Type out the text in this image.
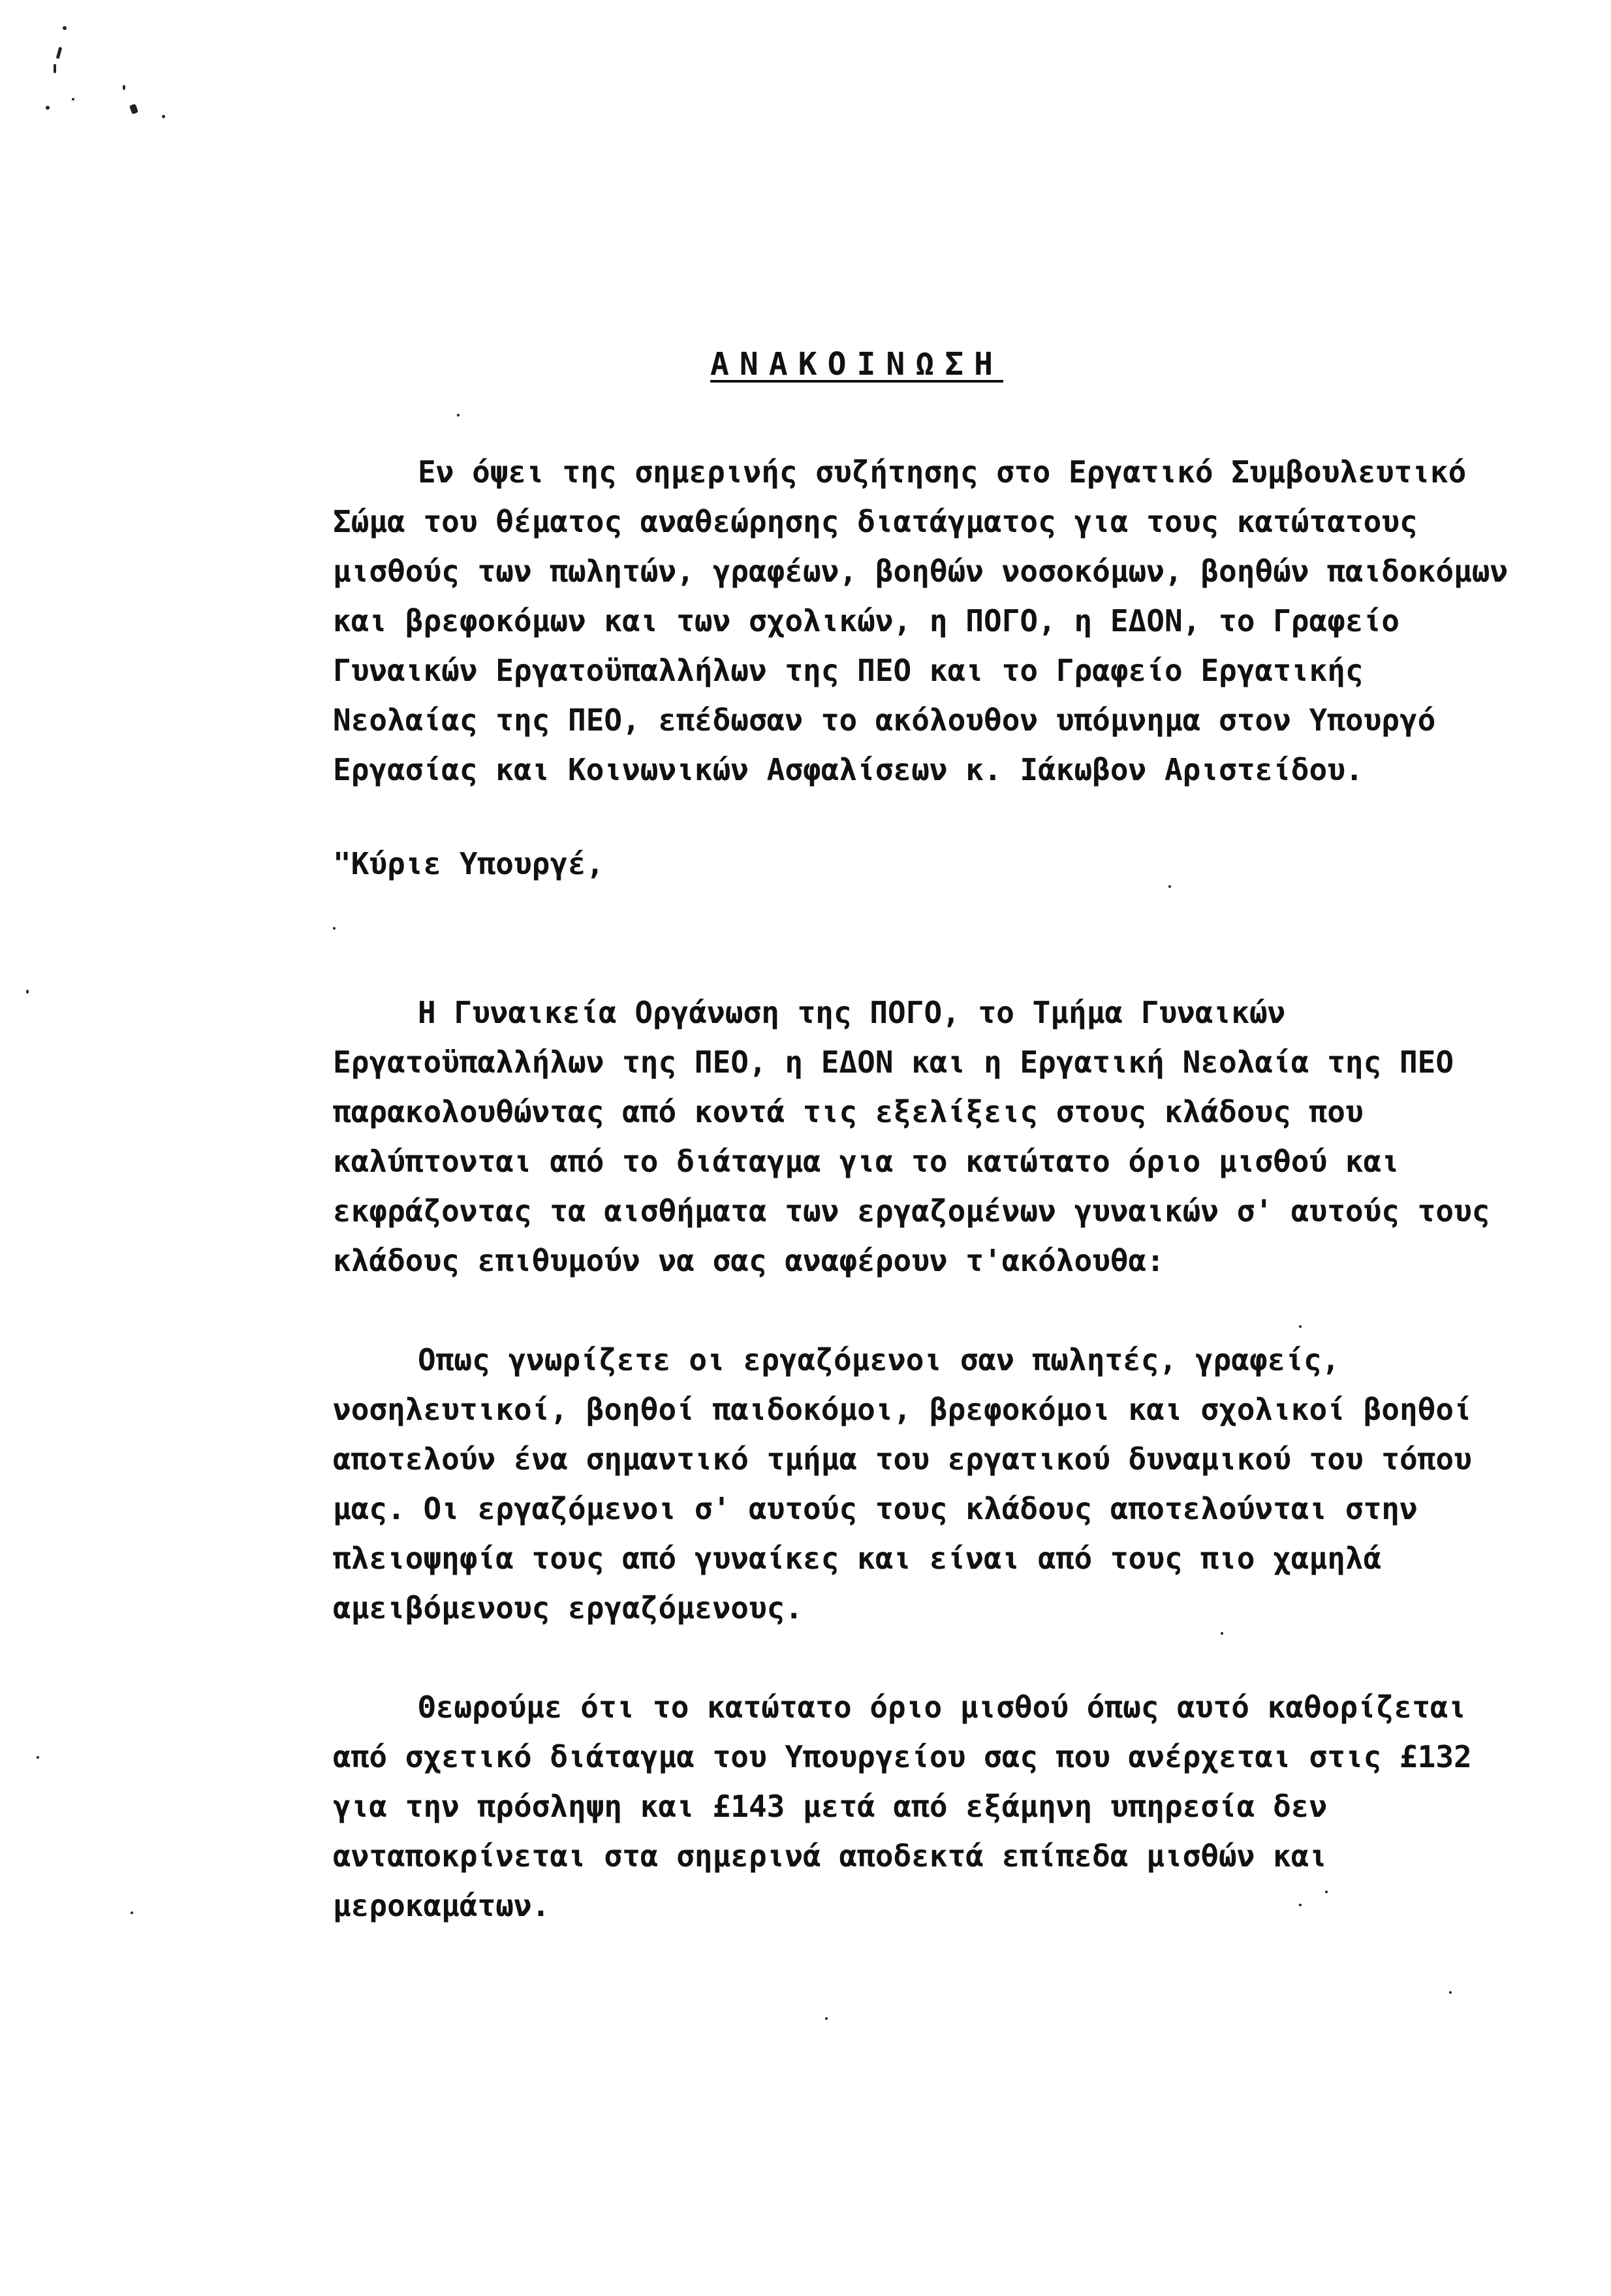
ΑΝΑΚΟΙΝΩΣΗ
Εν όψει της σημερινής συζήτησης στο Εργατικό Συμβουλευτικό
Σώμα του θέματος αναθεώρησης διατάγματος για τους κατώτατους
μισθούς των πωλητών, γραφέων, βοηθών νοσοκόμων, βοηθών παιδοκόμων
και βρεφοκόμων και των σχολικών, η ΠΟΓΟ, η ΕΔΟΝ, το Γραφείο
Γυναικών Εργατοϋπαλλήλων της ΠΕΟ και το Γραφείο Εργατικής
Νεολαίας της ΠΕΟ, επέδωσαν το ακόλουθον υπόμνημα στον Υπουργό
Εργασίας και Κοινωνικών Ασφαλίσεων κ. Ιάκωβον Αριστείδου.
"Κύριε Υπουργέ,
Η Γυναικεία Οργάνωση της ΠΟΓΟ, το Τμήμα Γυναικών
Εργατοϋπαλλήλων της ΠΕΟ, η ΕΔΟΝ και η Εργατική Νεολαία της ΠΕΟ
παρακολουθώντας από κοντά τις εξελίξεις στους κλάδους που
καλύπτονται από το διάταγμα για το κατώτατο όριο μισθού και
εκφράζοντας τα αισθήματα των εργαζομένων γυναικών σ' αυτούς τους
κλάδους επιθυμούν να σας αναφέρουν τ'ακόλουθα:
Οπως γνωρίζετε οι εργαζόμενοι σαν πωλητές, γραφείς,
νοσηλευτικοί, βοηθοί παιδοκόμοι, βρεφοκόμοι και σχολικοί βοηθοί
αποτελούν ένα σημαντικό τμήμα του εργατικού δυναμικού του τόπου
μας. Οι εργαζόμενοι σ' αυτούς τους κλάδους αποτελούνται στην
πλειοψηφία τους από γυναίκες και είναι από τους πιο χαμηλά
αμειβόμενους εργαζόμενους.
Θεωρούμε ότι το κατώτατο όριο μισθού όπως αυτό καθορίζεται
από σχετικό διάταγμα του Υπουργείου σας που ανέρχεται στις £132
για την πρόσληψη και £143 μετά από εξάμηνη υπηρεσία δεν
ανταποκρίνεται στα σημερινά αποδεκτά επίπεδα μισθών και
μεροκαμάτων.
